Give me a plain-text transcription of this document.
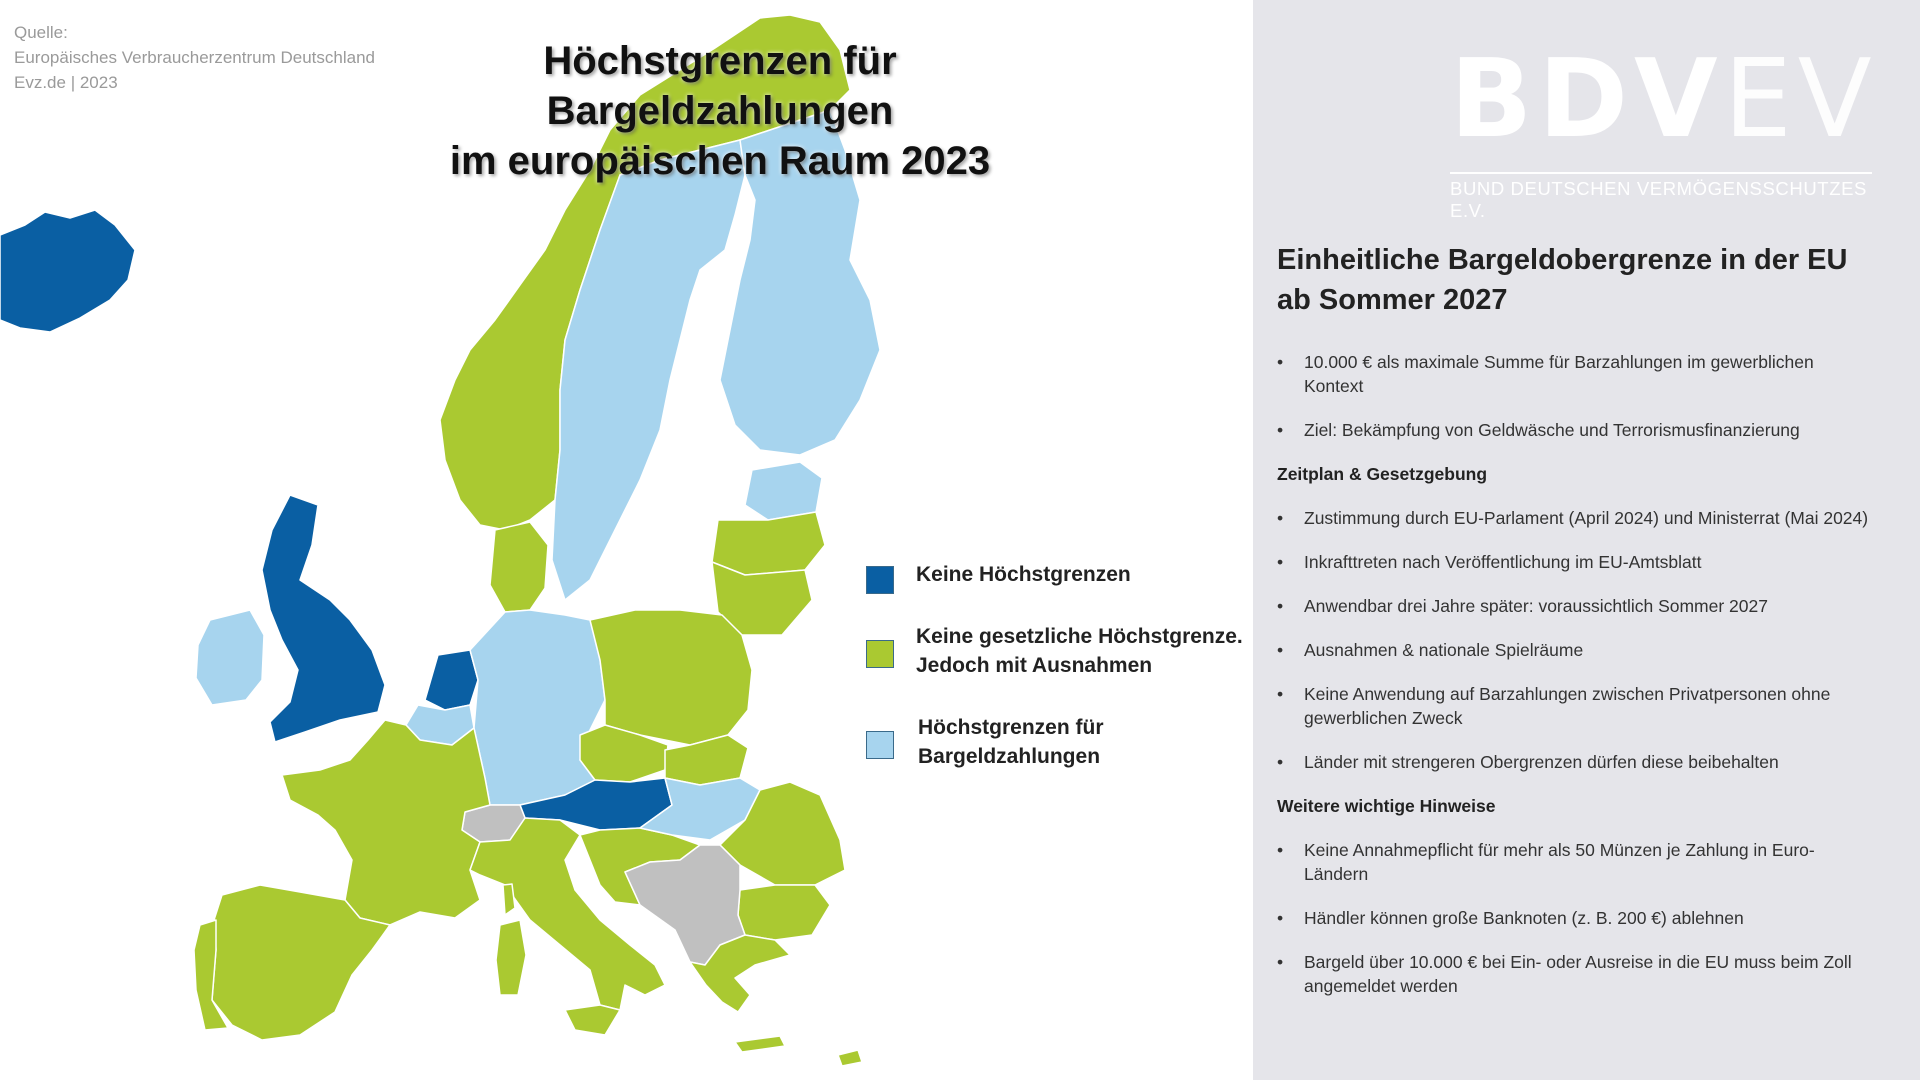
Quelle:
Europäisches Verbraucherzentrum Deutschland
Evz.de | 2023	Höchstgrenzen für Bargeldzahlungen
im europäischen Raum 2023
Keine Höchstgrenzen
Keine gesetzliche Höchstgrenze.
Jedoch mit Ausnahmen
Höchstgrenzen für
Bargeldzahlungen
BDVEV
BUND DEUTSCHEN VERMÖGENSSCHUTZES E.V.
Einheitliche Bargeldobergrenze in der EU
ab Sommer 2027
• 10.000 € als maximale Summe für Barzahlungen im gewerblichen Kontext
• Ziel: Bekämpfung von Geldwäsche und Terrorismusfinanzierung
Zeitplan & Gesetzgebung
• Zustimmung durch EU-Parlament (April 2024) und Ministerrat (Mai 2024)
• Inkrafttreten nach Veröffentlichung im EU-Amtsblatt
• Anwendbar drei Jahre später: voraussichtlich Sommer 2027
• Ausnahmen & nationale Spielräume
• Keine Anwendung auf Barzahlungen zwischen Privatpersonen ohne gewerblichen Zweck
• Länder mit strengeren Obergrenzen dürfen diese beibehalten
Weitere wichtige Hinweise
• Keine Annahmepflicht für mehr als 50 Münzen je Zahlung in Euro-Ländern
• Händler können große Banknoten (z. B. 200 €) ablehnen
• Bargeld über 10.000 € bei Ein- oder Ausreise in die EU muss beim Zoll angemeldet werden
